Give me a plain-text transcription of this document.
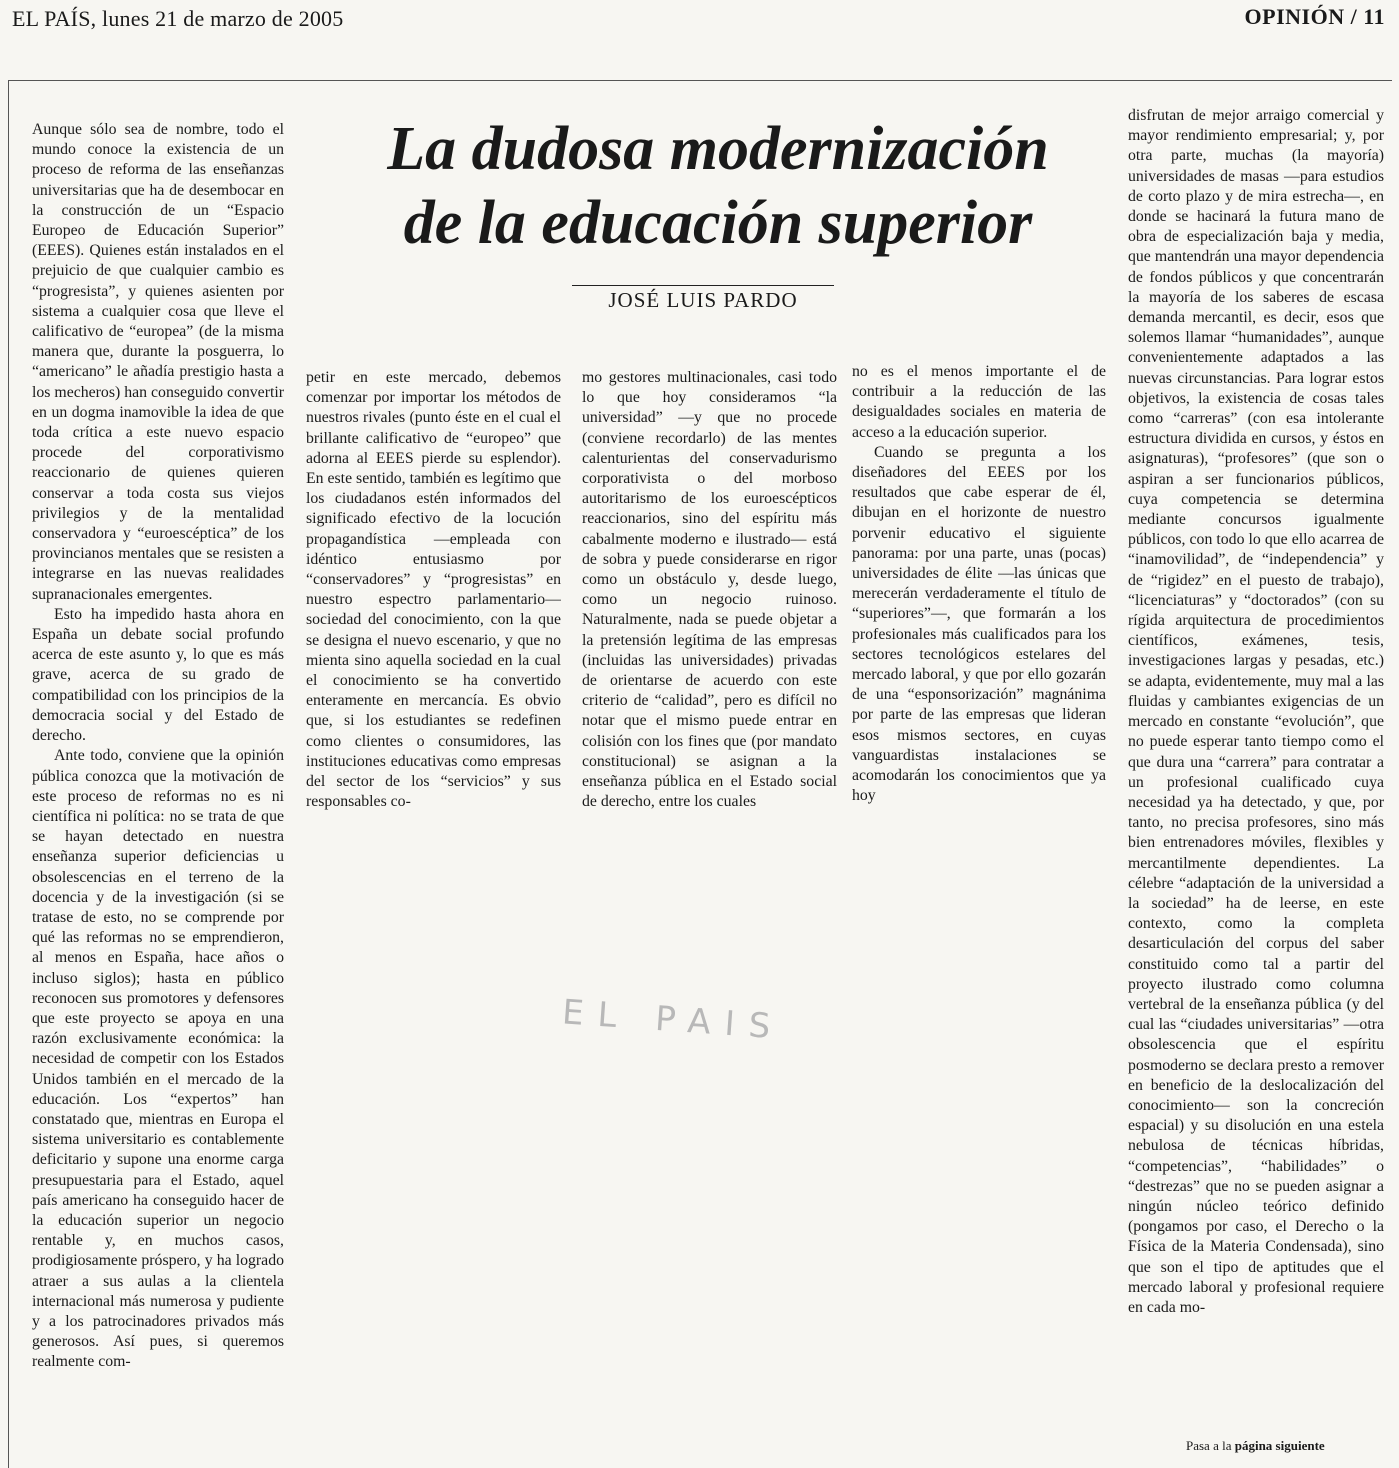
EL PAÍS, lunes 21 de marzo de 2005	OPINIÓN / 11
La dudosa modernización
de la educación superior
JOSÉ LUIS PARDO

Aunque sólo sea de nombre, todo el mundo conoce la existencia de un proceso de reforma de las enseñanzas universitarias que ha de desembocar en la construcción de un “Espacio Europeo de Educación Superior” (EEES). Quienes están instalados en el prejuicio de que cualquier cambio es “progresista”, y quienes asienten por sistema a cualquier cosa que lleve el calificativo de “europea” (de la misma manera que, durante la posguerra, lo “americano” le añadía prestigio hasta a los mecheros) han conseguido convertir en un dogma inamovible la idea de que toda crítica a este nuevo espacio procede del corporativismo reaccionario de quienes quieren conservar a toda costa sus viejos privilegios y de la mentalidad conservadora y “euroescéptica” de los provincianos mentales que se resisten a integrarse en las nuevas realidades supranacionales emergentes.

Esto ha impedido hasta ahora en España un debate social profundo acerca de este asunto y, lo que es más grave, acerca de su grado de compatibilidad con los principios de la democracia social y del Estado de derecho.

Ante todo, conviene que la opinión pública conozca que la motivación de este proceso de reformas no es ni científica ni política: no se trata de que se hayan detectado en nuestra enseñanza superior deficiencias u obsolescencias en el terreno de la docencia y de la investigación (si se tratase de esto, no se comprende por qué las reformas no se emprendieron, al menos en España, hace años o incluso siglos); hasta en público reconocen sus promotores y defensores que este proyecto se apoya en una razón exclusivamente económica: la necesidad de competir con los Estados Unidos también en el mercado de la educación. Los “expertos” han constatado que, mientras en Europa el sistema universitario es contablemente deficitario y supone una enorme carga presupuestaria para el Estado, aquel país americano ha conseguido hacer de la educación superior un negocio rentable y, en muchos casos, prodigiosamente próspero, y ha logrado atraer a sus aulas a la clientela internacional más numerosa y pudiente y a los patrocinadores privados más generosos. Así pues, si queremos realmente com-

petir en este mercado, debemos comenzar por importar los métodos de nuestros rivales (punto éste en el cual el brillante calificativo de “europeo” que adorna al EEES pierde su esplendor). En este sentido, también es legítimo que los ciudadanos estén informados del significado efectivo de la locución propagandística —empleada con idéntico entusiasmo por “conservadores” y “progresistas” en nuestro espectro parlamentario— sociedad del conocimiento, con la que se designa el nuevo escenario, y que no mienta sino aquella sociedad en la cual el conocimiento se ha convertido enteramente en mercancía. Es obvio que, si los estudiantes se redefinen como clientes o consumidores, las instituciones educativas como empresas del sector de los “servicios” y sus responsables co-

mo gestores multinacionales, casi todo lo que hoy consideramos “la universidad” —y que no procede (conviene recordarlo) de las mentes calenturientas del conservadurismo corporativista o del morboso autoritarismo de los euroescépticos reaccionarios, sino del espíritu más cabalmente moderno e ilustrado— está de sobra y puede considerarse en rigor como un obstáculo y, desde luego, como un negocio ruinoso. Naturalmente, nada se puede objetar a la pretensión legítima de las empresas (incluidas las universidades) privadas de orientarse de acuerdo con este criterio de “calidad”, pero es difícil no notar que el mismo puede entrar en colisión con los fines que (por mandato constitucional) se asignan a la enseñanza pública en el Estado social de derecho, entre los cuales

no es el menos importante el de contribuir a la reducción de las desigualdades sociales en materia de acceso a la educación superior.

Cuando se pregunta a los diseñadores del EEES por los resultados que cabe esperar de él, dibujan en el horizonte de nuestro porvenir educativo el siguiente panorama: por una parte, unas (pocas) universidades de élite —las únicas que merecerán verdaderamente el título de “superiores”—, que formarán a los profesionales más cualificados para los sectores tecnológicos estelares del mercado laboral, y que por ello gozarán de una “esponsorización” magnánima por parte de las empresas que lideran esos mismos sectores, en cuyas vanguardistas instalaciones se acomodarán los conocimientos que ya hoy

disfrutan de mejor arraigo comercial y mayor rendimiento empresarial; y, por otra parte, muchas (la mayoría) universidades de masas —para estudios de corto plazo y de mira estrecha—, en donde se hacinará la futura mano de obra de especialización baja y media, que mantendrán una mayor dependencia de fondos públicos y que concentrarán la mayoría de los saberes de escasa demanda mercantil, es decir, esos que solemos llamar “humanidades”, aunque convenientemente adaptados a las nuevas circunstancias. Para lograr estos objetivos, la existencia de cosas tales como “carreras” (con esa intolerante estructura dividida en cursos, y éstos en asignaturas), “profesores” (que son o aspiran a ser funcionarios públicos, cuya competencia se determina mediante concursos igualmente públicos, con todo lo que ello acarrea de “inamovilidad”, de “independencia” y de “rigidez” en el puesto de trabajo), “licenciaturas” y “doctorados” (con su rígida arquitectura de procedimientos científicos, exámenes, tesis, investigaciones largas y pesadas, etc.) se adapta, evidentemente, muy mal a las fluidas y cambiantes exigencias de un mercado en constante “evolución”, que no puede esperar tanto tiempo como el que dura una “carrera” para contratar a un profesional cualificado cuya necesidad ya ha detectado, y que, por tanto, no precisa profesores, sino más bien entrenadores móviles, flexibles y mercantilmente dependientes. La célebre “adaptación de la universidad a la sociedad” ha de leerse, en este contexto, como la completa desarticulación del corpus del saber constituido como tal a partir del proyecto ilustrado como columna vertebral de la enseñanza pública (y del cual las “ciudades universitarias” —otra obsolescencia que el espíritu posmoderno se declara presto a remover en beneficio de la deslocalización del conocimiento— son la concreción espacial) y su disolución en una estela nebulosa de técnicas híbridas, “competencias”, “habilidades” o “destrezas” que no se pueden asignar a ningún núcleo teórico definido (pongamos por caso, el Derecho o la Física de la Materia Condensada), sino que son el tipo de aptitudes que el mercado laboral y profesional requiere en cada mo-

EL PAIS
Pasa a la página siguiente
